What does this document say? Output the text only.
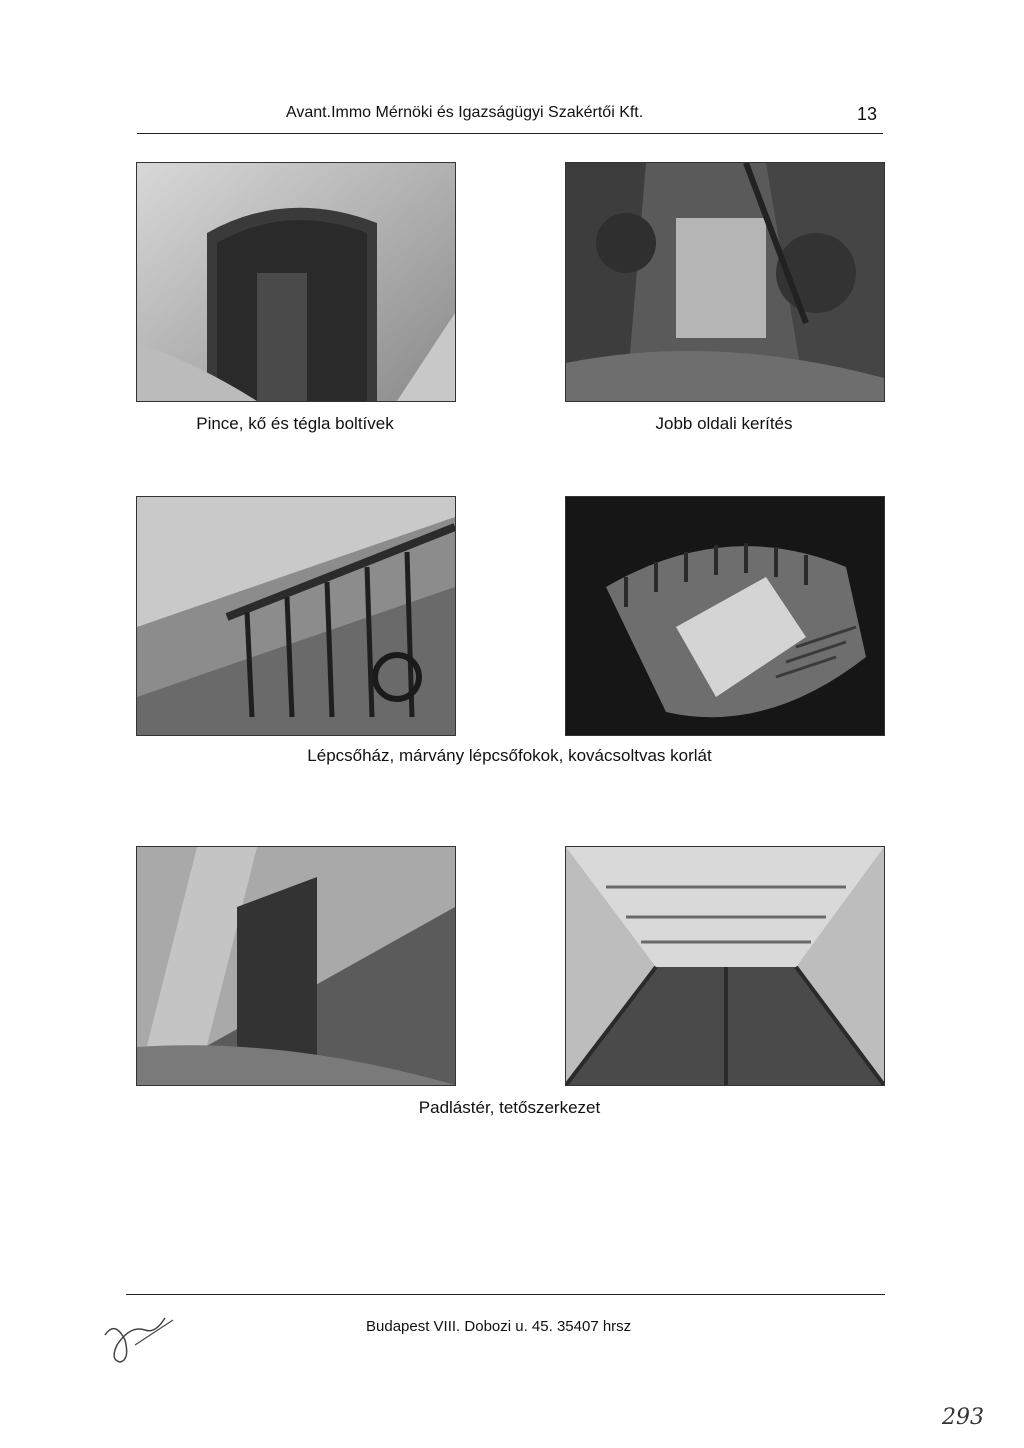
Avant.Immo Mérnöki és Igazságügyi Szakértői Kft.	13
Pince, kő és tégla boltívek	Jobb oldali kerítés
Lépcsőház, márvány lépcsőfokok, kovácsoltvas korlát
Padlástér, tetőszerkezet
Budapest VIII. Dobozi u. 45. 35407 hrsz
293
